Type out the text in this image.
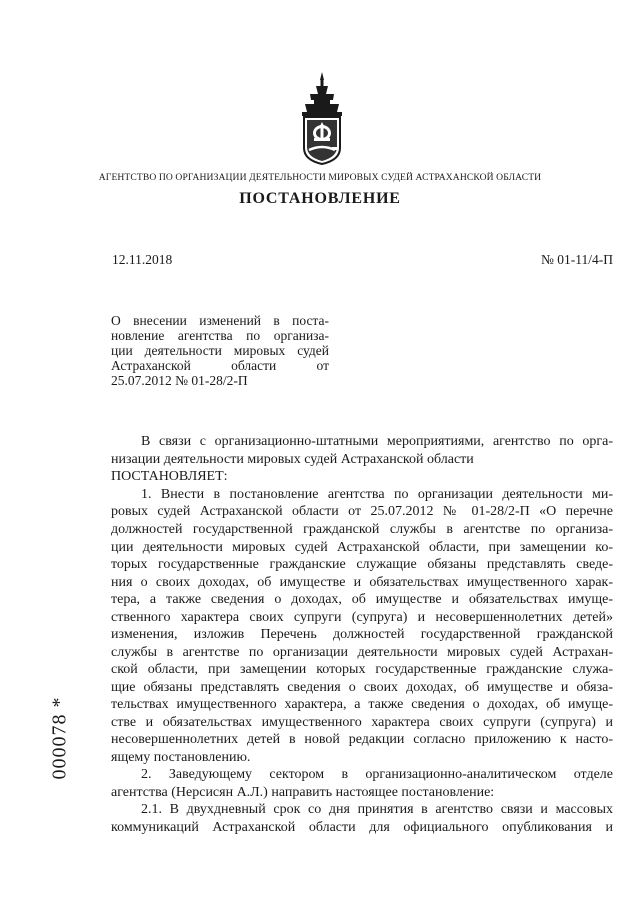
АГЕНТСТВО ПО ОРГАНИЗАЦИИ ДЕЯТЕЛЬНОСТИ МИРОВЫХ СУДЕЙ АСТРАХАНСКОЙ ОБЛАСТИ
ПОСТАНОВЛЕНИЕ
12.11.2018	№ 01-11/4-П
О внесении изменений в поста-
новление агентства по организа-
ции деятельности мировых судей
Астраханской области от
25.07.2012 № 01-28/2-П
В связи с организационно-штатными мероприятиями, агентство по орга-
низации деятельности мировых судей Астраханской области
ПОСТАНОВЛЯЕТ:
1. Внести в постановление агентства по организации деятельности ми-
ровых судей Астраханской области от 25.07.2012 № 01-28/2-П «О перечне
должностей государственной гражданской службы в агентстве по организа-
ции деятельности мировых судей Астраханской области, при замещении ко-
торых государственные гражданские служащие обязаны представлять сведе-
ния о своих доходах, об имуществе и обязательствах имущественного харак-
тера, а также сведения о доходах, об имуществе и обязательствах имуще-
ственного характера своих супруги (супруга) и несовершеннолетних детей»
изменения, изложив Перечень должностей государственной гражданской
службы в агентстве по организации деятельности мировых судей Астрахан-
ской области, при замещении которых государственные гражданские служа-
щие обязаны представлять сведения о своих доходах, об имуществе и обяза-
тельствах имущественного характера, а также сведения о доходах, об имуще-
стве и обязательствах имущественного характера своих супруги (супруга) и
несовершеннолетних детей в новой редакции согласно приложению к насто-
ящему постановлению.
2. Заведующему сектором в организационно-аналитическом отделе
агентства (Нерсисян А.Л.) направить настоящее постановление:
2.1. В двухдневный срок со дня принятия в агентство связи и массовых
коммуникаций Астраханской области для официального опубликования и
000078 *
